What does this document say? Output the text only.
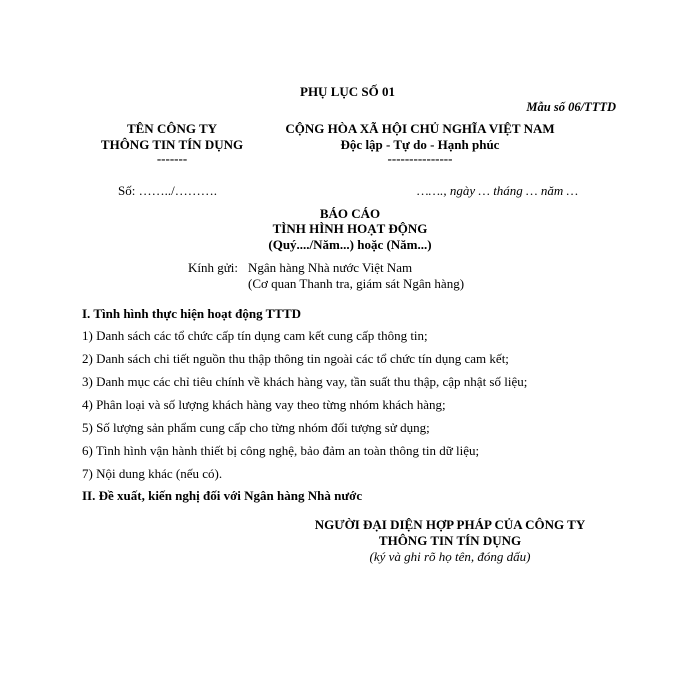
PHỤ LỤC SỐ 01
Mẫu số 06/TTTD
TÊN CÔNG TY
THÔNG TIN TÍN DỤNG
-------
Số: ……../……….
CỘNG HÒA XÃ HỘI CHỦ NGHĨA VIỆT NAM
Độc lập - Tự do - Hạnh phúc
---------------
……., ngày … tháng … năm …
BÁO CÁO
TÌNH HÌNH HOẠT ĐỘNG
(Quý..../Năm...) hoặc (Năm...)
Kính gửi: Ngân hàng Nhà nước Việt Nam
(Cơ quan Thanh tra, giám sát Ngân hàng)
I. Tình hình thực hiện hoạt động TTTD
1) Danh sách các tổ chức cấp tín dụng cam kết cung cấp thông tin;
2) Danh sách chi tiết nguồn thu thập thông tin ngoài các tổ chức tín dụng cam kết;
3) Danh mục các chỉ tiêu chính về khách hàng vay, tần suất thu thập, cập nhật số liệu;
4) Phân loại và số lượng khách hàng vay theo từng nhóm khách hàng;
5) Số lượng sản phẩm cung cấp cho từng nhóm đối tượng sử dụng;
6) Tình hình vận hành thiết bị công nghệ, bảo đảm an toàn thông tin dữ liệu;
7) Nội dung khác (nếu có).
II. Đề xuất, kiến nghị đối với Ngân hàng Nhà nước
NGƯỜI ĐẠI DIỆN HỢP PHÁP CỦA CÔNG TY
THÔNG TIN TÍN DỤNG
(ký và ghi rõ họ tên, đóng dấu)
